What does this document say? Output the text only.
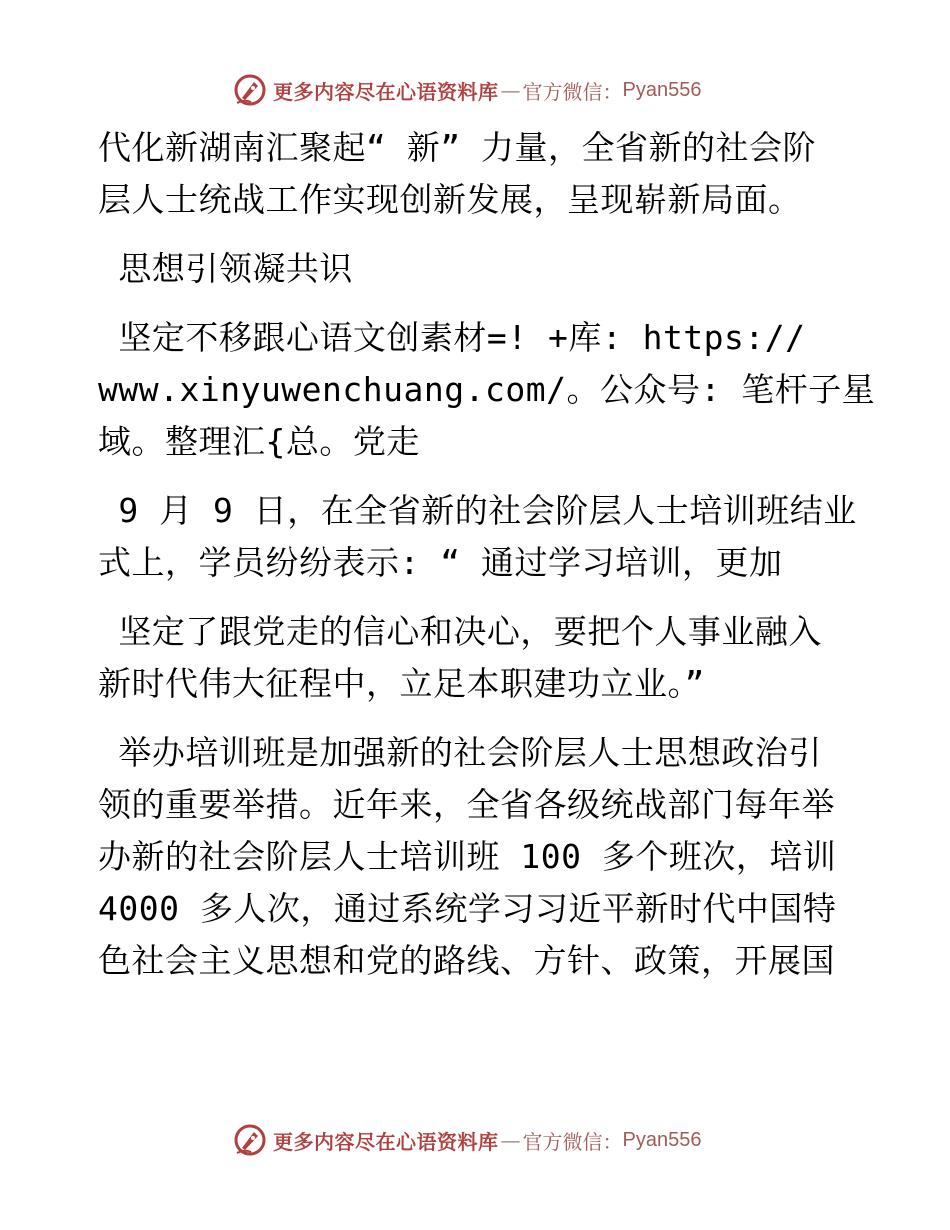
更多内容尽在心语资料库 — 官方微信： Pyan556
代化新湖南汇聚起“ 新” 力量，全省新的社会阶
层人士统战工作实现创新发展，呈现崭新局面。
思想引领凝共识
坚定不移跟心语文创素材=! +库: https://
www.xinyuwenchuang.com/。公众号: 笔杆子星
域。整理汇{总。党走
9 月 9 日，在全省新的社会阶层人士培训班结业
式上，学员纷纷表示: “ 通过学习培训，更加
坚定了跟党走的信心和决心，要把个人事业融入
新时代伟大征程中，立足本职建功立业。”
举办培训班是加强新的社会阶层人士思想政治引
领的重要举措。近年来，全省各级统战部门每年举
办新的社会阶层人士培训班 100 多个班次，培训
4000 多人次，通过系统学习习近平新时代中国特
色社会主义思想和党的路线、方针、政策，开展国
更多内容尽在心语资料库 — 官方微信： Pyan556
